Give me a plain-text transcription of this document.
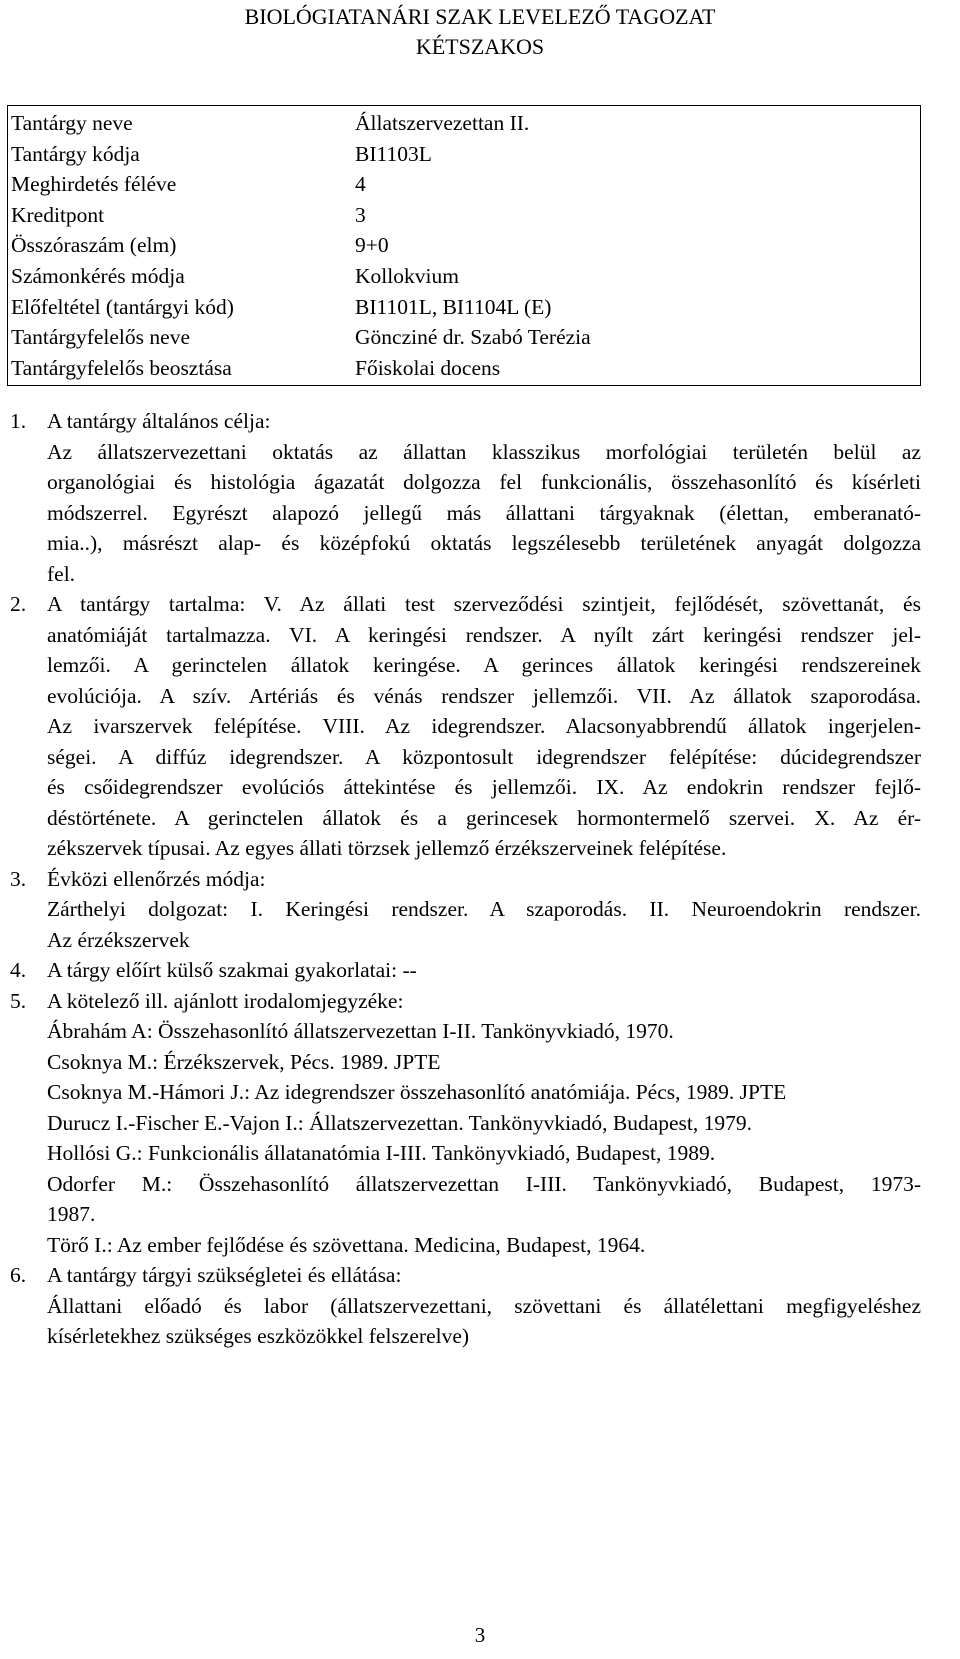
BIOLÓGIATANÁRI SZAK LEVELEZŐ TAGOZAT
KÉTSZAKOS
Tantárgy neve	Állatszervezettan II.
Tantárgy kódja	BI1103L
Meghirdetés féléve	4
Kreditpont	3
Összóraszám (elm)	9+0
Számonkérés módja	Kollokvium
Előfeltétel (tantárgyi kód)	BI1101L, BI1104L (E)
Tantárgyfelelős neve	Göncziné dr. Szabó Terézia
Tantárgyfelelős beosztása	Főiskolai docens
1. A tantárgy általános célja:
Az állatszervezettani oktatás az állattan klasszikus morfológiai területén belül az
organológiai és histológia ágazatát dolgozza fel funkcionális, összehasonlító és kísérleti
módszerrel. Egyrészt alapozó jellegű más állattani tárgyaknak (élettan, emberanató-
mia..), másrészt alap- és középfokú oktatás legszélesebb területének anyagát dolgozza
fel.
2. A tantárgy tartalma: V. Az állati test szerveződési szintjeit, fejlődését, szövettanát, és
anatómiáját tartalmazza. VI. A keringési rendszer. A nyílt zárt keringési rendszer jel-
lemzői. A gerinctelen állatok keringése. A gerinces állatok keringési rendszereinek
evolúciója. A szív. Artériás és vénás rendszer jellemzői. VII. Az állatok szaporodása.
Az ivarszervek felépítése. VIII. Az idegrendszer. Alacsonyabbrendű állatok ingerjelen-
ségei. A diffúz idegrendszer. A központosult idegrendszer felépítése: dúcidegrendszer
és csőidegrendszer evolúciós áttekintése és jellemzői. IX. Az endokrin rendszer fejlő-
déstörténete. A gerinctelen állatok és a gerincesek hormontermelő szervei. X. Az ér-
zékszervek típusai. Az egyes állati törzsek jellemző érzékszerveinek felépítése.
3. Évközi ellenőrzés módja:
Zárthelyi dolgozat: I. Keringési rendszer. A szaporodás. II. Neuroendokrin rendszer.
Az érzékszervek
4. A tárgy előírt külső szakmai gyakorlatai: --
5. A kötelező ill. ajánlott irodalomjegyzéke:
Ábrahám A: Összehasonlító állatszervezettan I-II. Tankönyvkiadó, 1970.
Csoknya M.: Érzékszervek, Pécs. 1989. JPTE
Csoknya M.-Hámori J.: Az idegrendszer összehasonlító anatómiája. Pécs, 1989. JPTE
Durucz I.-Fischer E.-Vajon I.: Állatszervezettan. Tankönyvkiadó, Budapest, 1979.
Hollósi G.: Funkcionális állatanatómia I-III. Tankönyvkiadó, Budapest, 1989.
Odorfer M.: Összehasonlító állatszervezettan I-III. Tankönyvkiadó, Budapest, 1973-
1987.
Törő I.: Az ember fejlődése és szövettana. Medicina, Budapest, 1964.
6. A tantárgy tárgyi szükségletei és ellátása:
Állattani előadó és labor (állatszervezettani, szövettani és állatélettani megfigyeléshez
kísérletekhez szükséges eszközökkel felszerelve)
3
